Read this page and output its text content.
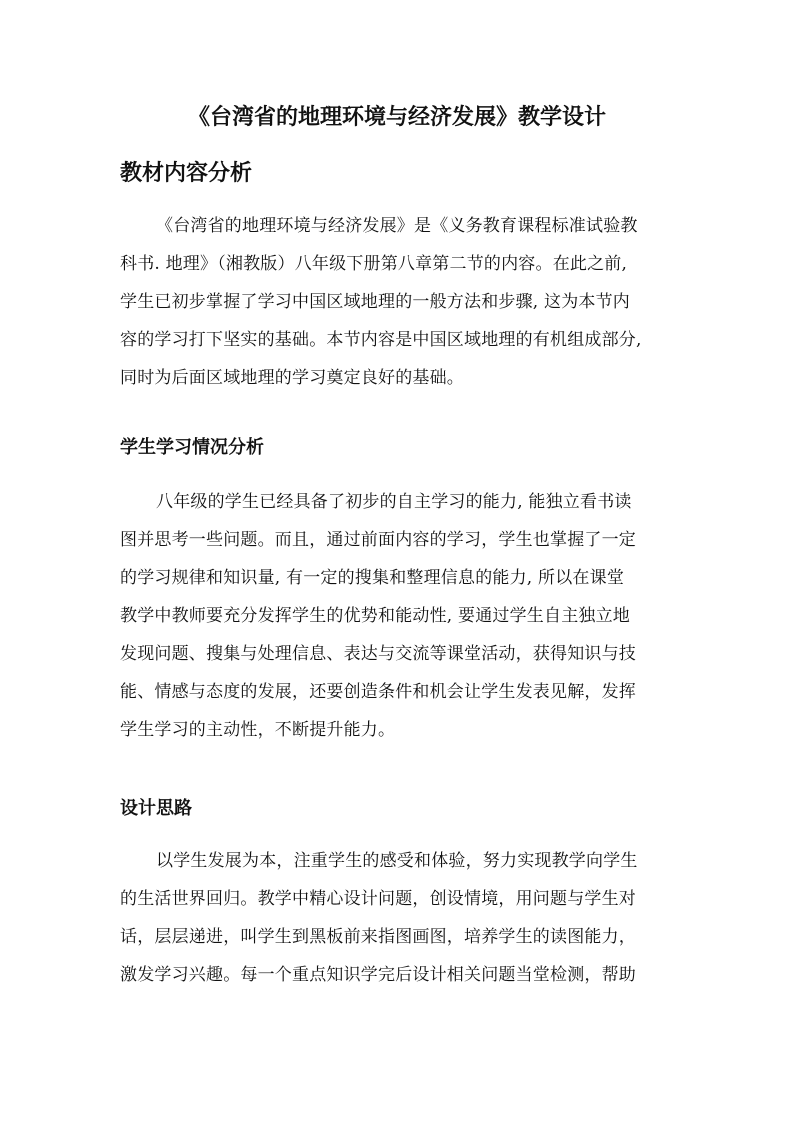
《台湾省的地理环境与经济发展》教学设计
教材内容分析
《台湾省的地理环境与经济发展》是《义务教育课程标准试验教
科书. 地理》（湘教版）八年级下册第八章第二节的内容。在此之前,
学生已初步掌握了学习中国区域地理的一般方法和步骤, 这为本节内
容的学习打下坚实的基础。本节内容是中国区域地理的有机组成部分,
同时为后面区域地理的学习奠定良好的基础。
学生学习情况分析
八年级的学生已经具备了初步的自主学习的能力, 能独立看书读
图并思考一些问题。而且，通过前面内容的学习，学生也掌握了一定
的学习规律和知识量, 有一定的搜集和整理信息的能力, 所以在课堂
教学中教师要充分发挥学生的优势和能动性, 要通过学生自主独立地
发现问题、搜集与处理信息、表达与交流等课堂活动，获得知识与技
能、情感与态度的发展，还要创造条件和机会让学生发表见解，发挥
学生学习的主动性，不断提升能力。
设计思路
以学生发展为本，注重学生的感受和体验，努力实现教学向学生
的生活世界回归。教学中精心设计问题，创设情境，用问题与学生对
话，层层递进，叫学生到黑板前来指图画图，培养学生的读图能力，
激发学习兴趣。每一个重点知识学完后设计相关问题当堂检测，帮助
